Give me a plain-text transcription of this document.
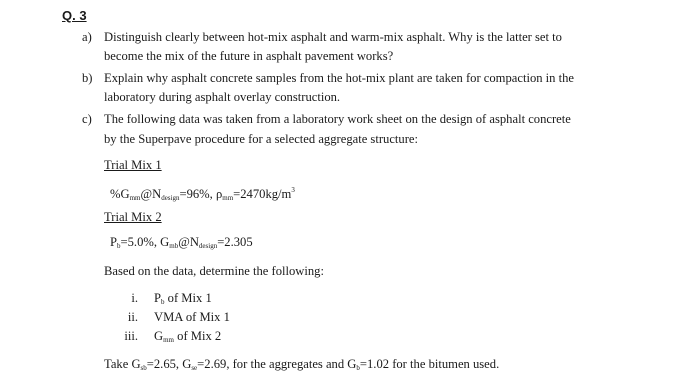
Q. 3
a) Distinguish clearly between hot-mix asphalt and warm-mix asphalt. Why is the latter set to
become the mix of the future in asphalt pavement works?
b) Explain why asphalt concrete samples from the hot-mix plant are taken for compaction in the
laboratory during asphalt overlay construction.
c) The following data was taken from a laboratory work sheet on the design of asphalt concrete
by the Superpave procedure for a selected aggregate structure:
Trial Mix 1
$\%G_{mm}@N_{design}=96\%$, $\rho_{mm}=2470kg/m^3$
Trial Mix 2
$P_b=5.0\%$, $G_{mb}@N_{design}=2.305$
Based on the data, determine the following:
i. $P_b$ of Mix 1
ii. VMA of Mix 1
iii. $G_{mm}$ of Mix 2
Take $G_{sb}=2.65$, $G_{se}=2.69$, for the aggregates and $G_b=1.02$ for the bitumen used.
